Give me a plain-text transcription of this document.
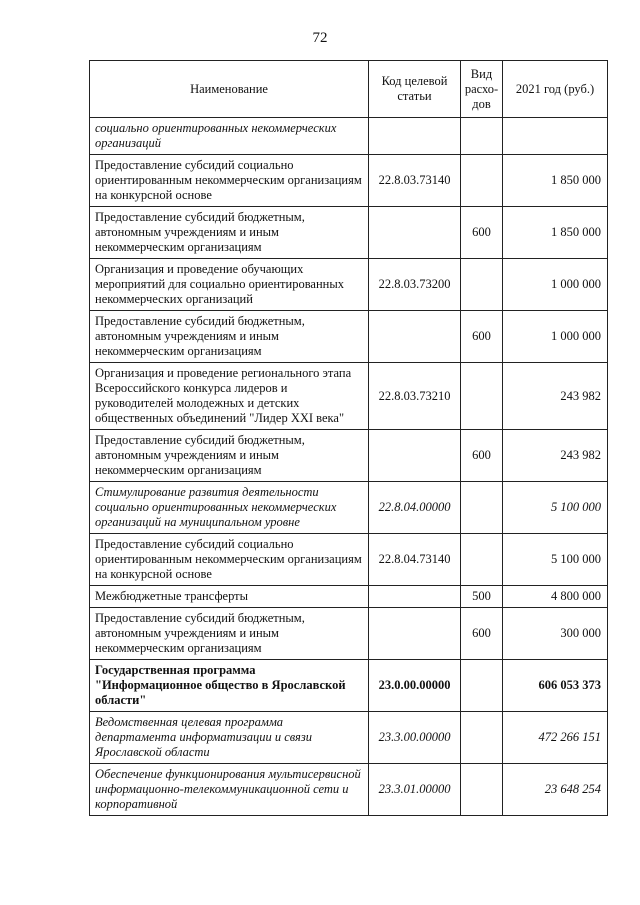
72
Наименование	Код целевой статьи	Вид расхо-дов	2021 год (руб.)
социально ориентированных некоммерческих организаций			
Предоставление субсидий социально ориентированным некоммерческим организациям на конкурсной основе	22.8.03.73140		1 850 000
Предоставление субсидий бюджетным, автономным учреждениям и иным некоммерческим организациям		600	1 850 000
Организация и проведение обучающих мероприятий для социально ориентированных некоммерческих организаций	22.8.03.73200		1 000 000
Предоставление субсидий бюджетным, автономным учреждениям и иным некоммерческим организациям		600	1 000 000
Организация и проведение регионального этапа Всероссийского конкурса лидеров и руководителей молодежных и детских общественных объединений "Лидер XXI века"	22.8.03.73210		243 982
Предоставление субсидий бюджетным, автономным учреждениям и иным некоммерческим организациям		600	243 982
Стимулирование развития деятельности социально ориентированных некоммерческих организаций на муниципальном уровне	22.8.04.00000		5 100 000
Предоставление субсидий социально ориентированным некоммерческим организациям на конкурсной основе	22.8.04.73140		5 100 000
Межбюджетные трансферты		500	4 800 000
Предоставление субсидий бюджетным, автономным учреждениям и иным некоммерческим организациям		600	300 000
Государственная программа "Информационное общество в Ярославской области"	23.0.00.00000		606 053 373
Ведомственная целевая программа департамента информатизации и связи Ярославской области	23.3.00.00000		472 266 151
Обеспечение функционирования мультисервисной информационно-телекоммуникационной сети и корпоративной	23.3.01.00000		23 648 254
